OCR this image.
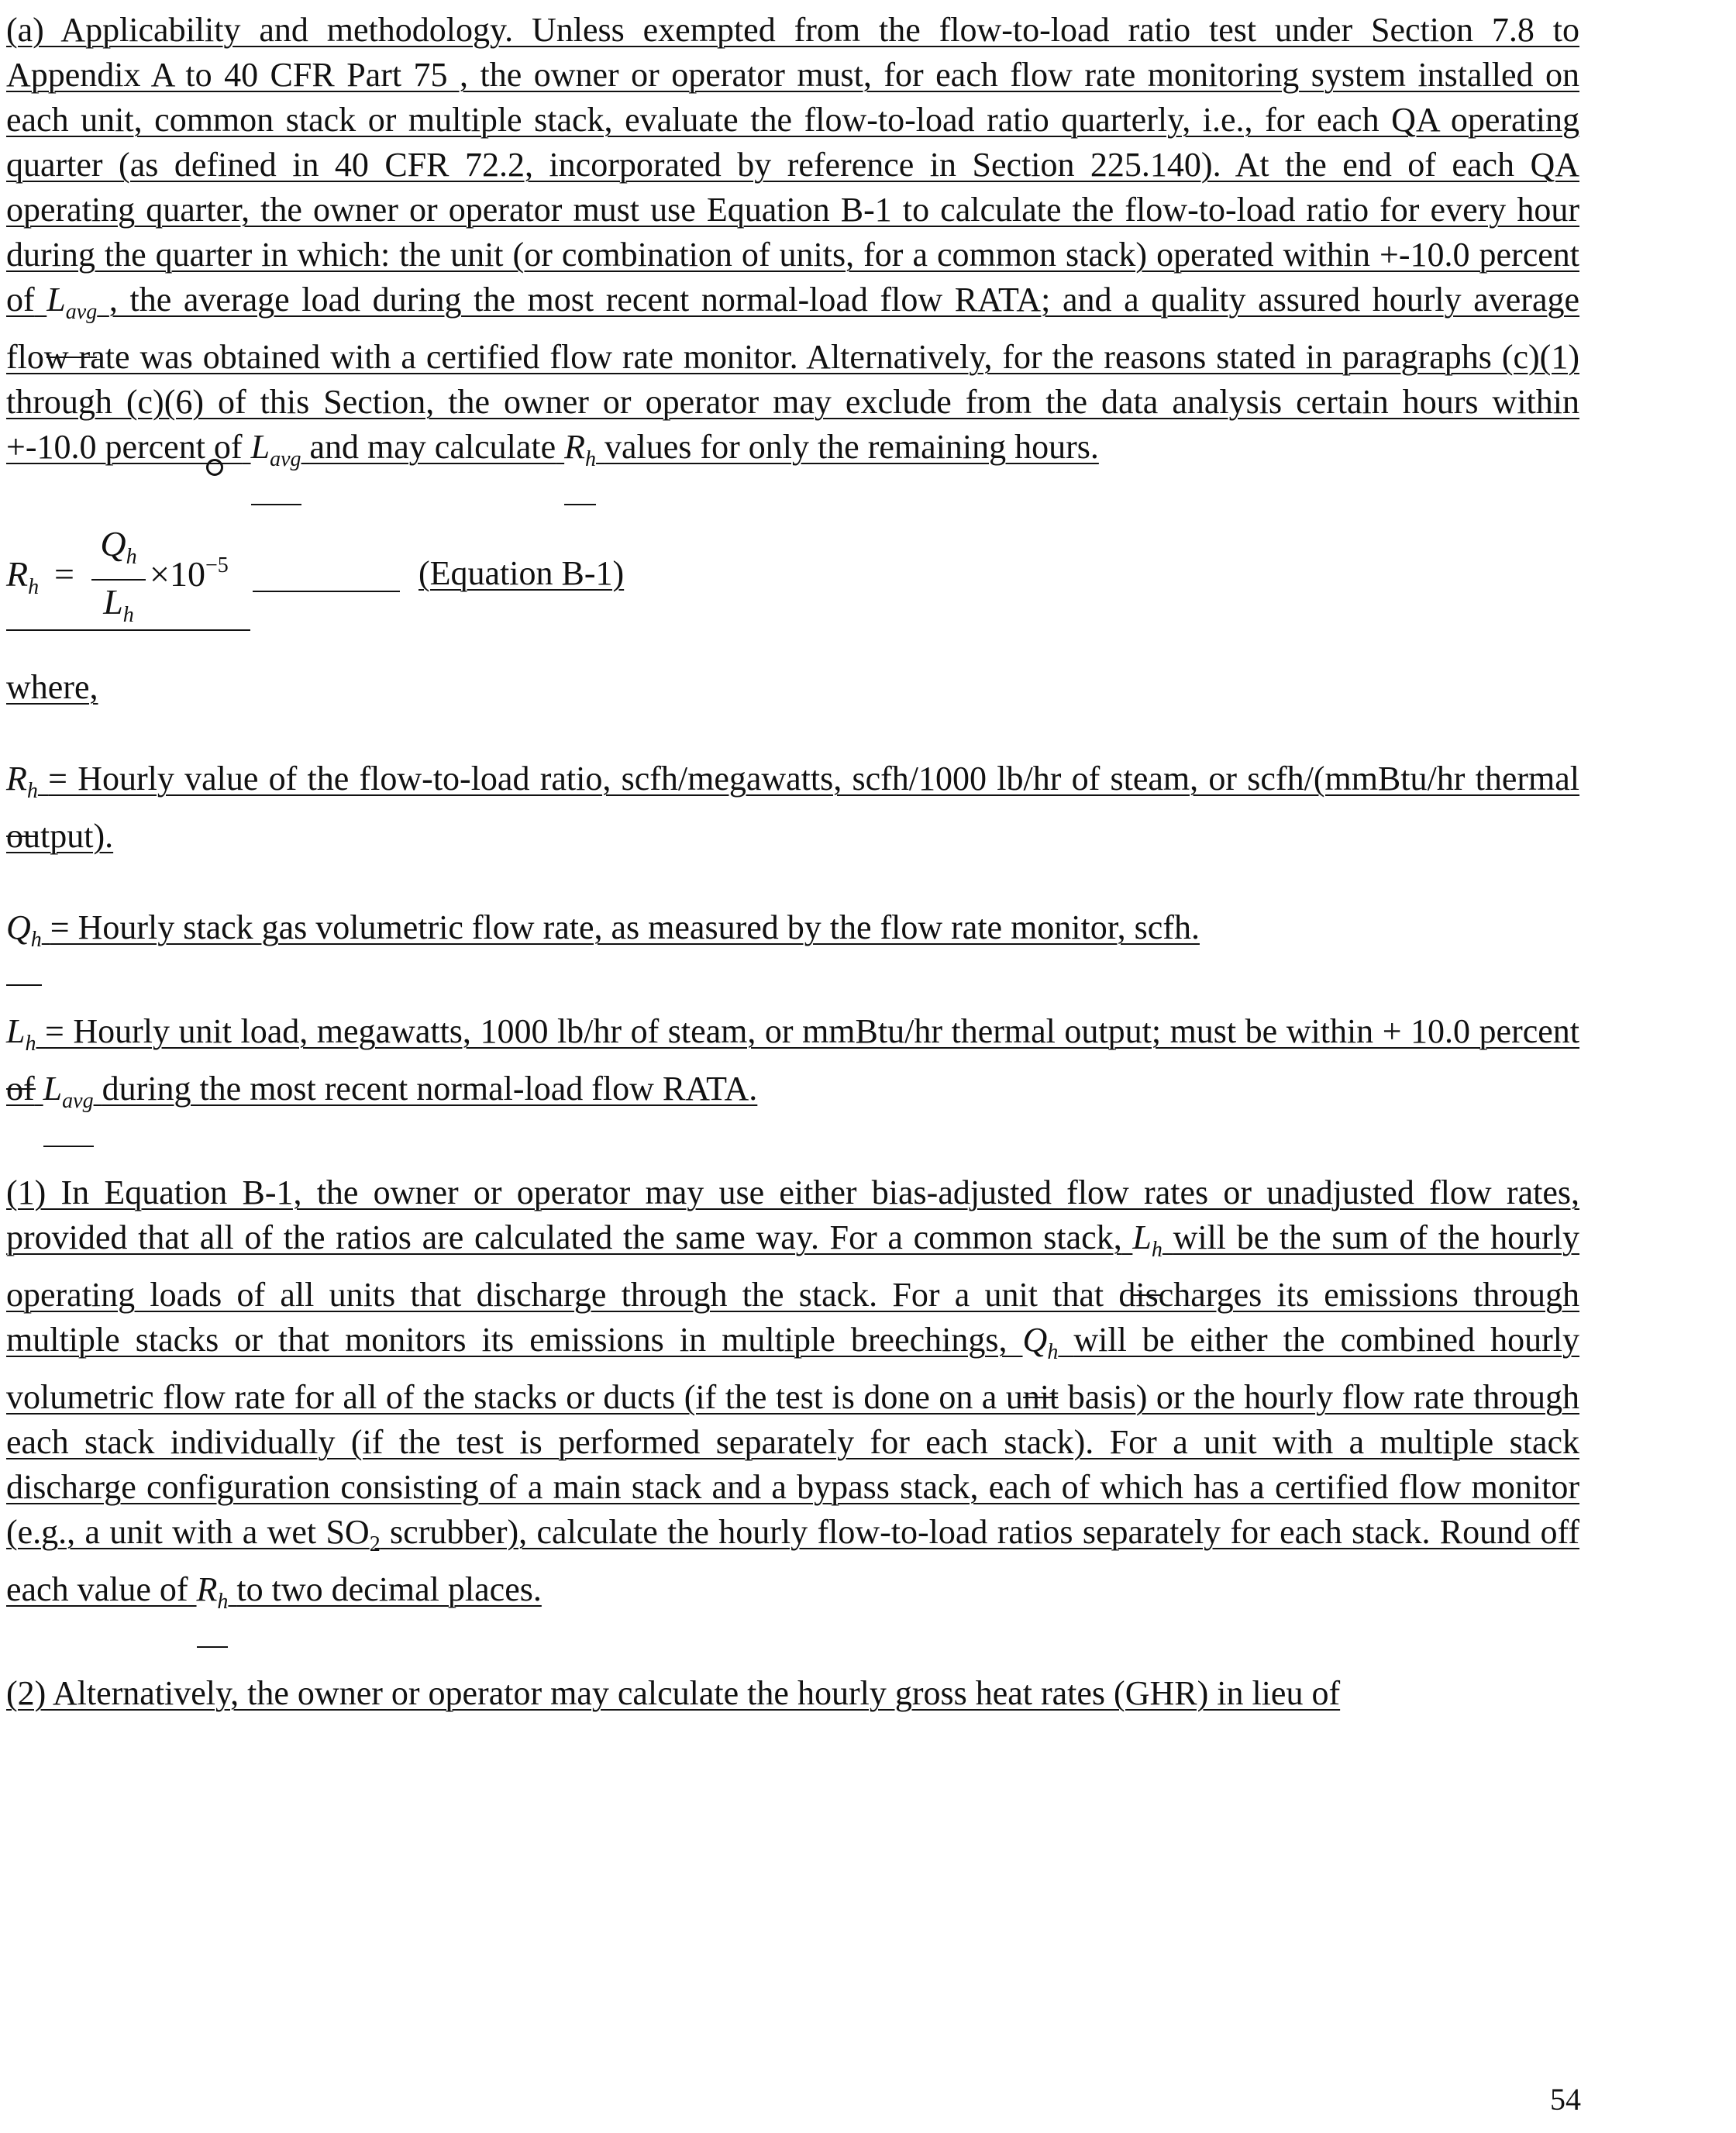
(a) Applicability and methodology. Unless exempted from the flow-to-load ratio test under Section 7.8 to Appendix A to 40 CFR Part 75 , the owner or operator must, for each flow rate monitoring system installed on each unit, common stack or multiple stack, evaluate the flow-to-load ratio quarterly, i.e., for each QA operating quarter (as defined in 40 CFR 72.2, incorporated by reference in Section 225.140). At the end of each QA operating quarter, the owner or operator must use Equation B-1 to calculate the flow-to-load ratio for every hour during the quarter in which: the unit (or combination of units, for a common stack) operated within +-10.0 percent of $L_{avg}$ , the average load during the most recent normal-load flow RATA; and a quality assured hourly average flow rate was obtained with a certified flow rate monitor. Alternatively, for the reasons stated in paragraphs (c)(1) through (c)(6) of this Section, the owner or operator may exclude from the data analysis certain hours within +-10.0 percent of $L_{avg}$ and may calculate $R_h$ values for only the remaining hours.

$R_h = \frac{Q_h}{L_h} \times 10^{-5}$	(Equation B-1)

where,

$R_h$ = Hourly value of the flow-to-load ratio, scfh/megawatts, scfh/1000 lb/hr of steam, or scfh/(mmBtu/hr thermal output).

$Q_h$ = Hourly stack gas volumetric flow rate, as measured by the flow rate monitor, scfh.

$L_h$ = Hourly unit load, megawatts, 1000 lb/hr of steam, or mmBtu/hr thermal output; must be within + 10.0 percent of $L_{avg}$ during the most recent normal-load flow RATA.

(1) In Equation B-1, the owner or operator may use either bias-adjusted flow rates or unadjusted flow rates, provided that all of the ratios are calculated the same way. For a common stack, $L_h$ will be the sum of the hourly operating loads of all units that discharge through the stack. For a unit that discharges its emissions through multiple stacks or that monitors its emissions in multiple breechings, $Q_h$ will be either the combined hourly volumetric flow rate for all of the stacks or ducts (if the test is done on a unit basis) or the hourly flow rate through each stack individually (if the test is performed separately for each stack). For a unit with a multiple stack discharge configuration consisting of a main stack and a bypass stack, each of which has a certified flow monitor (e.g., a unit with a wet $SO_2$ scrubber), calculate the hourly flow-to-load ratios separately for each stack. Round off each value of $R_h$ to two decimal places.

(2) Alternatively, the owner or operator may calculate the hourly gross heat rates (GHR) in lieu of

54
